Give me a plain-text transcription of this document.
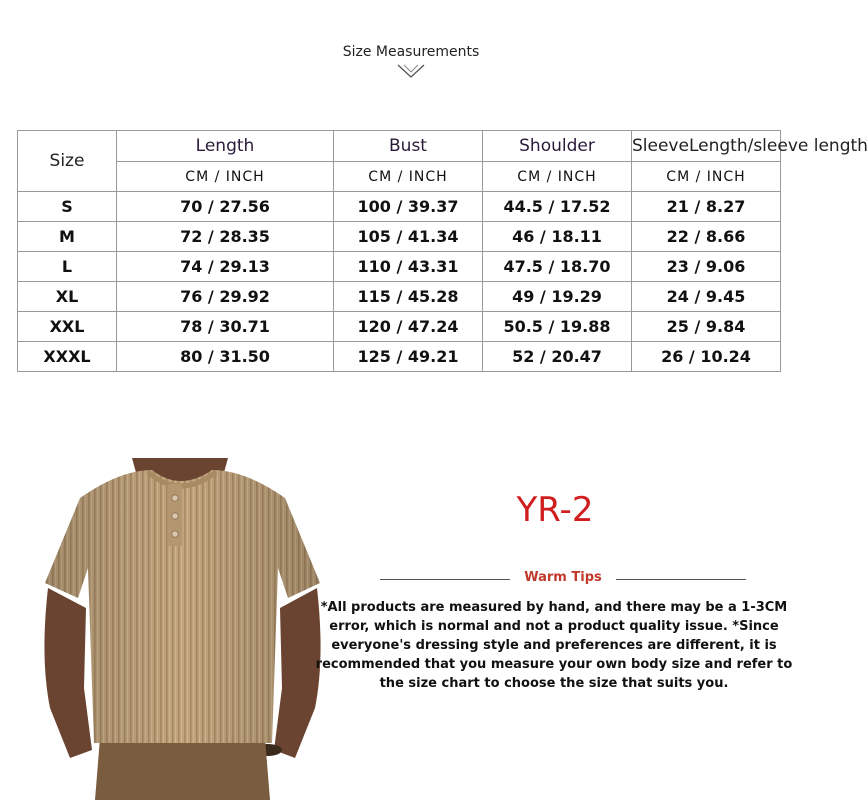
Size Measurements
Size	Length	Bust	Shoulder	SleeveLength/sleeve length
	CM / INCH	CM / INCH	CM / INCH	CM / INCH
S	70 / 27.56	100 / 39.37	44.5 / 17.52	21 / 8.27
M	72 / 28.35	105 / 41.34	46 / 18.11	22 / 8.66
L	74 / 29.13	110 / 43.31	47.5 / 18.70	23 / 9.06
XL	76 / 29.92	115 / 45.28	49 / 19.29	24 / 9.45
XXL	78 / 30.71	120 / 47.24	50.5 / 19.88	25 / 9.84
XXXL	80 / 31.50	125 / 49.21	52 / 20.47	26 / 10.24
YR-2
Warm Tips
*All products are measured by hand, and there may be a 1-3CM error, which is normal and not a product quality issue. *Since everyone's dressing style and preferences are different, it is recommended that you measure your own body size and refer to the size chart to choose the size that suits you.
